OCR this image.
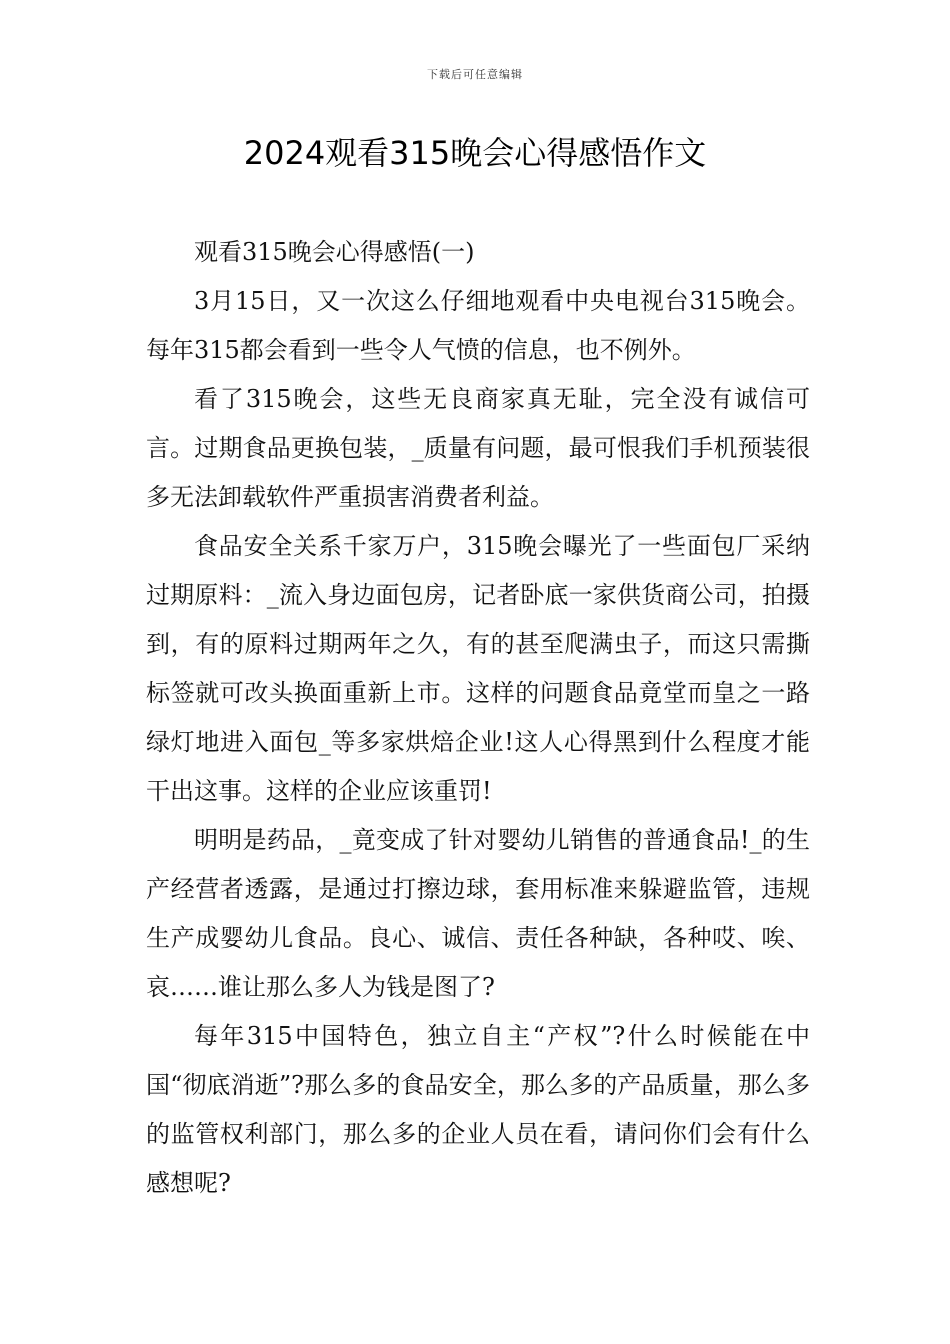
下载后可任意编辑
2024观看315晚会心得感悟作文

观看315晚会心得感悟(一)

3月15日，又一次这么仔细地观看中央电视台315晚会。每年315都会看到一些令人气愤的信息，也不例外。

看了315晚会，这些无良商家真无耻，完全没有诚信可言。过期食品更换包装，_质量有问题，最可恨我们手机预装很多无法卸载软件严重损害消费者利益。

食品安全关系千家万户，315晚会曝光了一些面包厂采纳过期原料：_流入身边面包房，记者卧底一家供货商公司，拍摄到，有的原料过期两年之久，有的甚至爬满虫子，而这只需撕标签就可改头换面重新上市。这样的问题食品竟堂而皇之一路绿灯地进入面包_等多家烘焙企业!这人心得黑到什么程度才能干出这事。这样的企业应该重罚!

明明是药品，_竟变成了针对婴幼儿销售的普通食品!_的生产经营者透露，是通过打擦边球，套用标准来躲避监管，违规生产成婴幼儿食品。良心、诚信、责任各种缺，各种哎、唉、哀……谁让那么多人为钱是图了?

每年315中国特色，独立自主“产权”?什么时候能在中国“彻底消逝”?那么多的食品安全，那么多的产品质量，那么多的监管权利部门，那么多的企业人员在看，请问你们会有什么感想呢?
